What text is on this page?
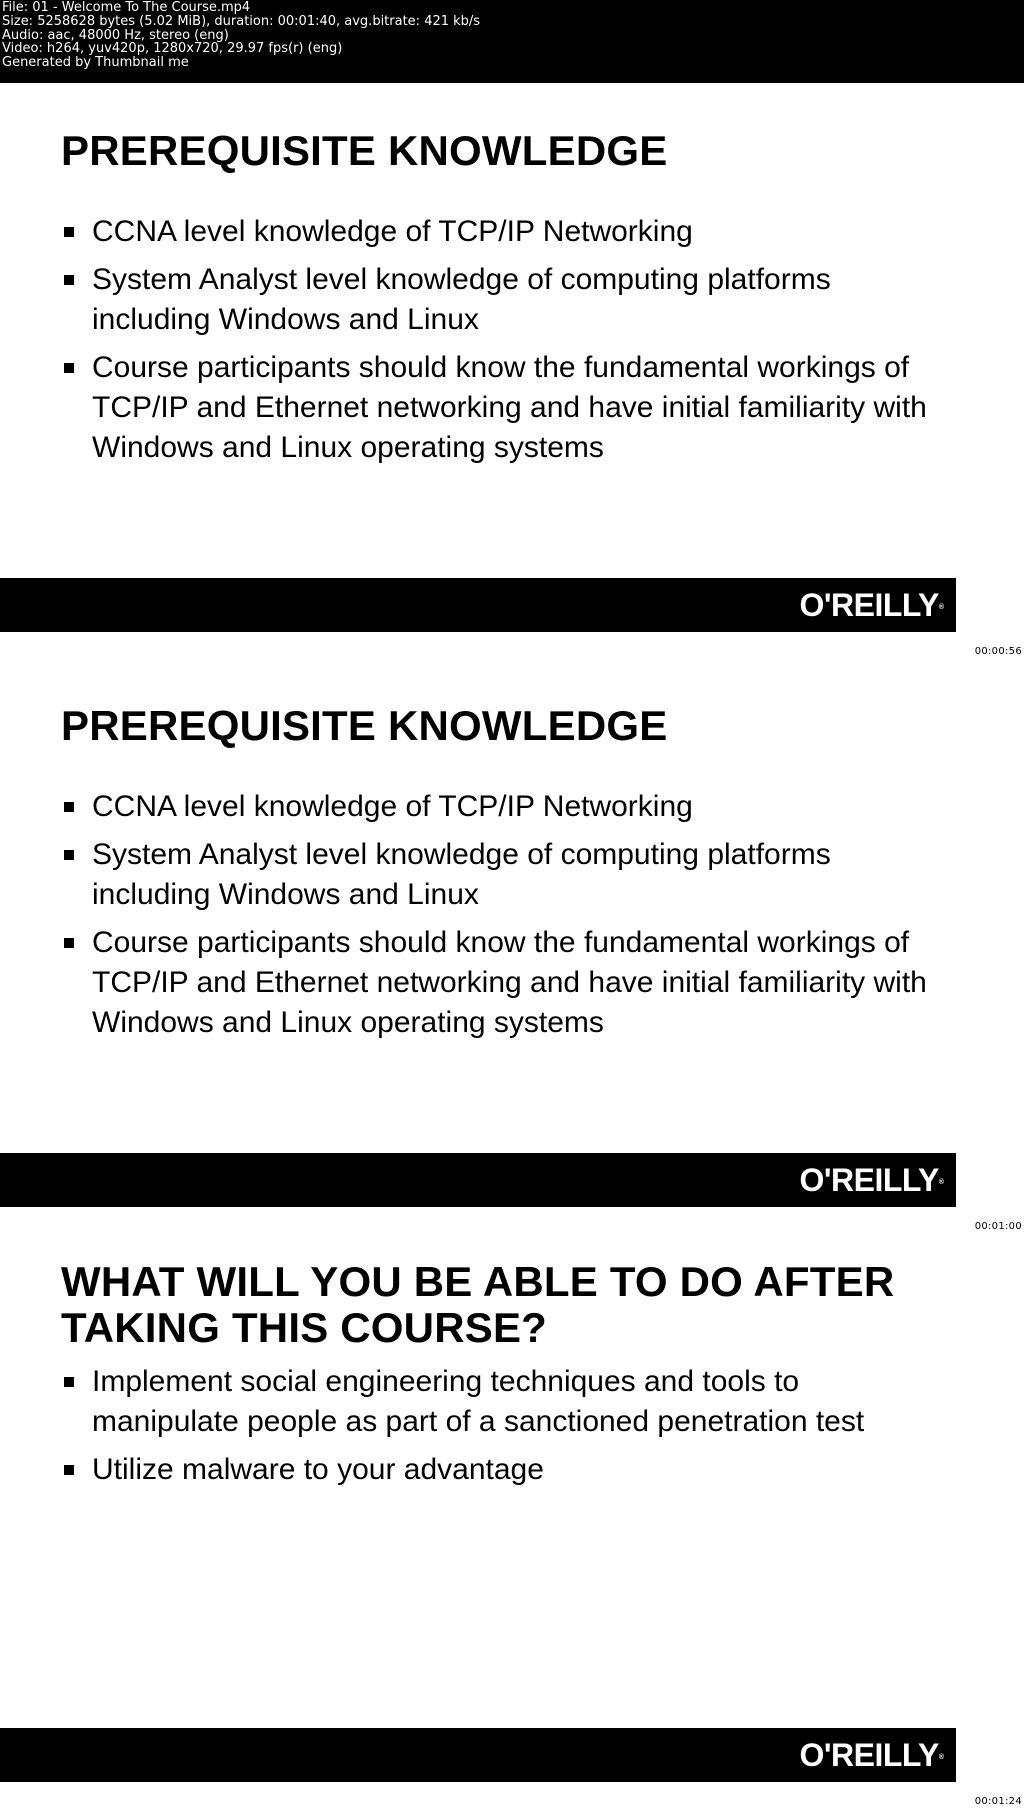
File: 01 - Welcome To The Course.mp4
Size: 5258628 bytes (5.02 MiB), duration: 00:01:40, avg.bitrate: 421 kb/s
Audio: aac, 48000 Hz, stereo (eng)
Video: h264, yuv420p, 1280x720, 29.97 fps(r) (eng)
Generated by Thumbnail me
PREREQUISITE KNOWLEDGE
CCNA level knowledge of TCP/IP Networking
System Analyst level knowledge of computing platforms including Windows and Linux
Course participants should know the fundamental workings of TCP/IP and Ethernet networking and have initial familiarity with Windows and Linux operating systems
O'REILLY®
00:00:56
PREREQUISITE KNOWLEDGE
CCNA level knowledge of TCP/IP Networking
System Analyst level knowledge of computing platforms including Windows and Linux
Course participants should know the fundamental workings of TCP/IP and Ethernet networking and have initial familiarity with Windows and Linux operating systems
O'REILLY®
00:01:00
WHAT WILL YOU BE ABLE TO DO AFTER TAKING THIS COURSE?
Implement social engineering techniques and tools to manipulate people as part of a sanctioned penetration test
Utilize malware to your advantage
O'REILLY®
00:01:24
